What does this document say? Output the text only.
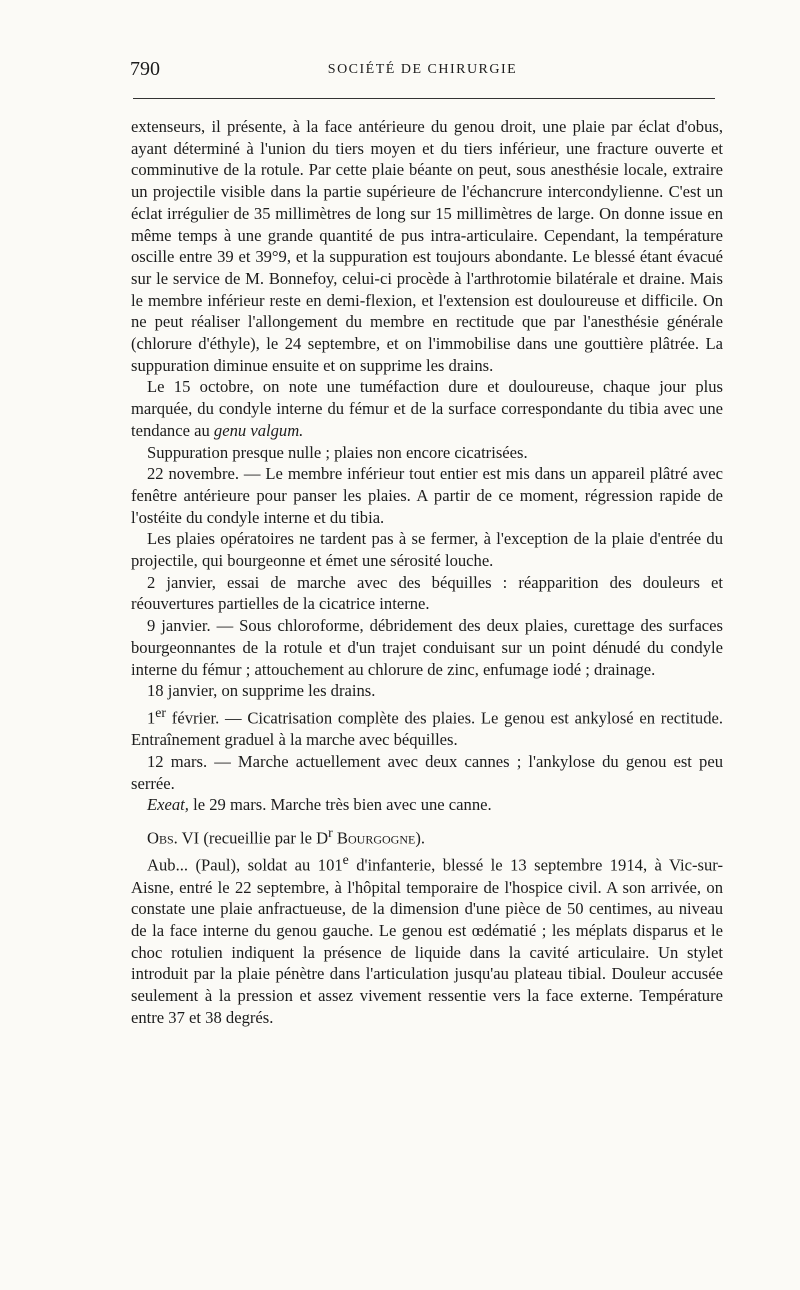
790	SOCIÉTÉ DE CHIRURGIE

extenseurs, il présente, à la face antérieure du genou droit, une plaie par éclat d'obus, ayant déterminé à l'union du tiers moyen et du tiers inférieur, une fracture ouverte et comminutive de la rotule. Par cette plaie béante on peut, sous anesthésie locale, extraire un projectile visible dans la partie supérieure de l'échancrure intercondylienne. C'est un éclat irrégulier de 35 millimètres de long sur 15 millimètres de large. On donne issue en même temps à une grande quantité de pus intra-articulaire. Cependant, la température oscille entre 39 et 39°9, et la suppuration est toujours abondante. Le blessé étant évacué sur le service de M. Bonnefoy, celui-ci procède à l'arthrotomie bilatérale et draine. Mais le membre inférieur reste en demi-flexion, et l'extension est douloureuse et difficile. On ne peut réaliser l'allongement du membre en rectitude que par l'anesthésie générale (chlorure d'éthyle), le 24 septembre, et on l'immobilise dans une gouttière plâtrée. La suppuration diminue ensuite et on supprime les drains.

Le 15 octobre, on note une tuméfaction dure et douloureuse, chaque jour plus marquée, du condyle interne du fémur et de la surface correspondante du tibia avec une tendance au genu valgum.

Suppuration presque nulle ; plaies non encore cicatrisées.

22 novembre. — Le membre inférieur tout entier est mis dans un appareil plâtré avec fenêtre antérieure pour panser les plaies. A partir de ce moment, régression rapide de l'ostéite du condyle interne et du tibia.

Les plaies opératoires ne tardent pas à se fermer, à l'exception de la plaie d'entrée du projectile, qui bourgeonne et émet une sérosité louche.

2 janvier, essai de marche avec des béquilles : réapparition des douleurs et réouvertures partielles de la cicatrice interne.

9 janvier. — Sous chloroforme, débridement des deux plaies, curettage des surfaces bourgeonnantes de la rotule et d'un trajet conduisant sur un point dénudé du condyle interne du fémur ; attouchement au chlorure de zinc, enfumage iodé ; drainage.

18 janvier, on supprime les drains.

1er février. — Cicatrisation complète des plaies. Le genou est ankylosé en rectitude. Entraînement graduel à la marche avec béquilles.

12 mars. — Marche actuellement avec deux cannes ; l'ankylose du genou est peu serrée.

Exeat, le 29 mars. Marche très bien avec une canne.

Obs. VI (recueillie par le $D^r$ Bourgogne).

Aub... (Paul), soldat au 101e d'infanterie, blessé le 13 septembre 1914, à Vic-sur-Aisne, entré le 22 septembre, à l'hôpital temporaire de l'hospice civil. A son arrivée, on constate une plaie anfractueuse, de la dimension d'une pièce de 50 centimes, au niveau de la face interne du genou gauche. Le genou est œdématié ; les méplats disparus et le choc rotulien indiquent la présence de liquide dans la cavité articulaire. Un stylet introduit par la plaie pénètre dans l'articulation jusqu'au plateau tibial. Douleur accusée seulement à la pression et assez vivement ressentie vers la face externe. Température entre 37 et 38 degrés.
